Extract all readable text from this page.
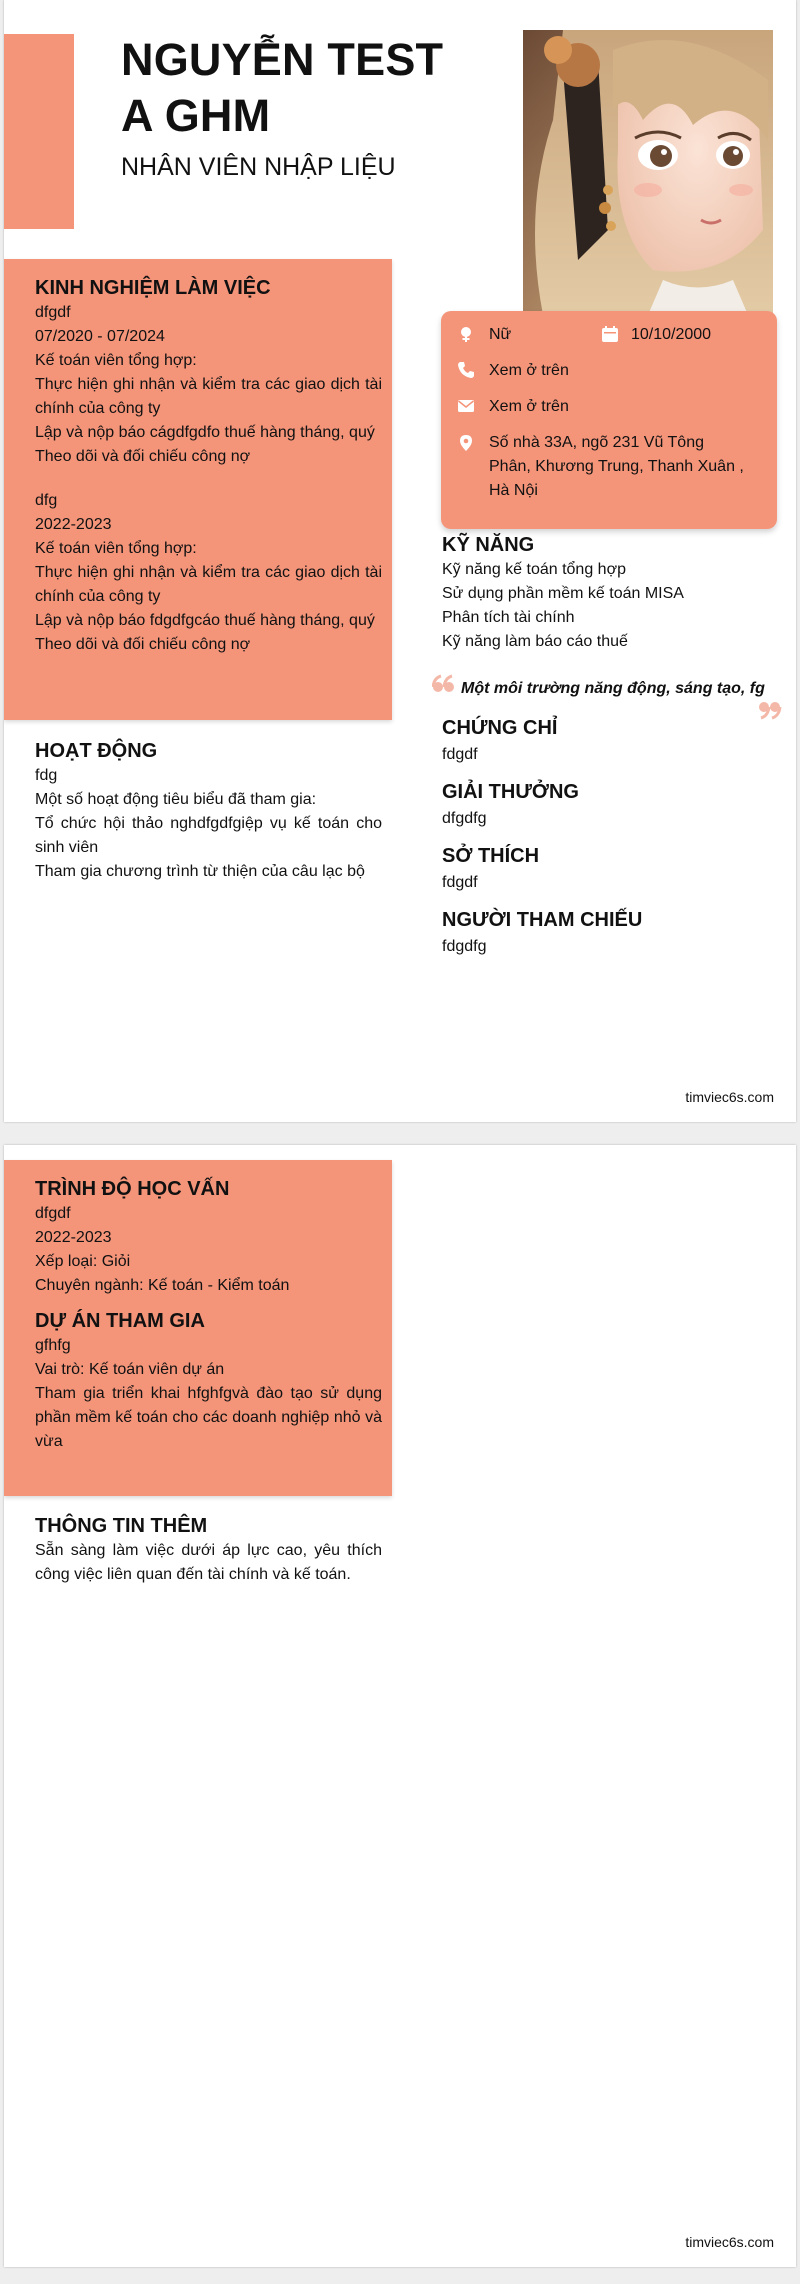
NGUYỄN TEST
A GHM
NHÂN VIÊN NHẬP LIỆU
Nữ	10/10/2000
Xem ở trên
Xem ở trên
Số nhà 33A, ngõ 231 Vũ Tông
Phân, Khương Trung, Thanh Xuân ,
Hà Nội
KINH NGHIỆM LÀM VIỆC
dfgdf
07/2020 - 07/2024
Kế toán viên tổng hợp:
Thực hiện ghi nhận và kiểm tra các giao dịch tài chính của công ty
Lập và nộp báo cágdfgdfo thuế hàng tháng, quý
Theo dõi và đối chiếu công nợ
dfg
2022-2023
Kế toán viên tổng hợp:
Thực hiện ghi nhận và kiểm tra các giao dịch tài chính của công ty
Lập và nộp báo fdgdfgcáo thuế hàng tháng, quý
Theo dõi và đối chiếu công nợ
HOẠT ĐỘNG
fdg
Một số hoạt động tiêu biểu đã tham gia:
Tổ chức hội thảo nghdfgdfgiệp vụ kế toán cho sinh viên
Tham gia chương trình từ thiện của câu lạc bộ
KỸ NĂNG
Kỹ năng kế toán tổng hợp
Sử dụng phần mềm kế toán MISA
Phân tích tài chính
Kỹ năng làm báo cáo thuế
Một môi trường năng động, sáng tạo, fg
CHỨNG CHỈ
fdgdf
GIẢI THƯỞNG
dfgdfg
SỞ THÍCH
fdgdf
NGƯỜI THAM CHIẾU
fdgdfg
timviec6s.com
TRÌNH ĐỘ HỌC VẤN
dfgdf
2022-2023
Xếp loại: Giỏi
Chuyên ngành: Kế toán - Kiểm toán
DỰ ÁN THAM GIA
gfhfg
Vai trò: Kế toán viên dự án
Tham gia triển khai hfghfgvà đào tạo sử dụng phần mềm kế toán cho các doanh nghiệp nhỏ và vừa
THÔNG TIN THÊM
Sẵn sàng làm việc dưới áp lực cao, yêu thích công việc liên quan đến tài chính và kế toán.
timviec6s.com
